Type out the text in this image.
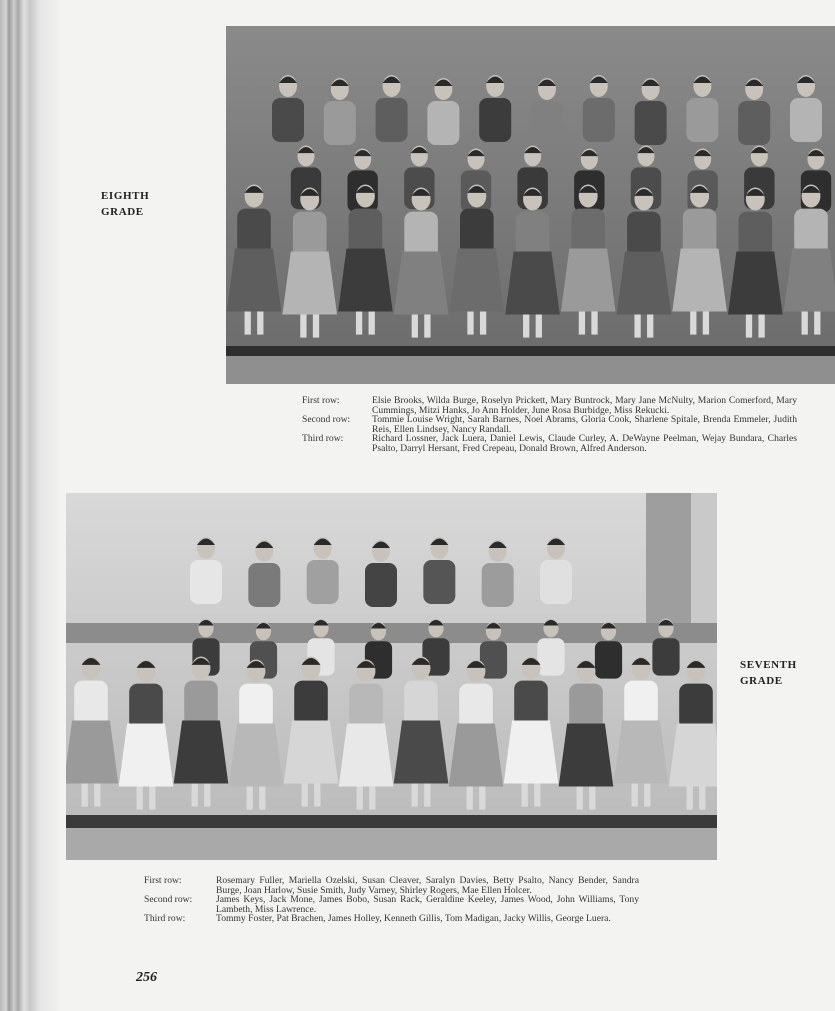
EIGHTH
GRADE
First row:	Elsie Brooks, Wilda Burge, Roselyn Prickett, Mary Buntrock, Mary Jane McNulty, Marion Comerford, Mary Cummings, Mitzi Hanks, Jo Ann Holder, June Rosa Burbidge, Miss Rekucki.
Second row:	Tommie Louise Wright, Sarah Barnes, Noel Abrams, Gloria Cook, Sharlene Spitale, Brenda Emmeler, Judith Reis, Ellen Lindsey, Nancy Randall.
Third row:	Richard Lossner, Jack Luera, Daniel Lewis, Claude Curley, A. DeWayne Peelman, Wejay Bundara, Charles Psalto, Darryl Hersant, Fred Crepeau, Donald Brown, Alfred Anderson.
SEVENTH
GRADE
First row:	Rosemary Fuller, Mariella Ozelski, Susan Cleaver, Saralyn Davies, Betty Psalto, Nancy Bender, Sandra Burge, Joan Harlow, Susie Smith, Judy Varney, Shirley Rogers, Mae Ellen Holcer.
Second row:	James Keys, Jack Mone, James Bobo, Susan Rack, Geraldine Keeley, James Wood, John Williams, Tony Lambeth, Miss Lawrence.
Third row:	Tommy Foster, Pat Brachen, James Holley, Kenneth Gillis, Tom Madigan, Jacky Willis, George Luera.
256
